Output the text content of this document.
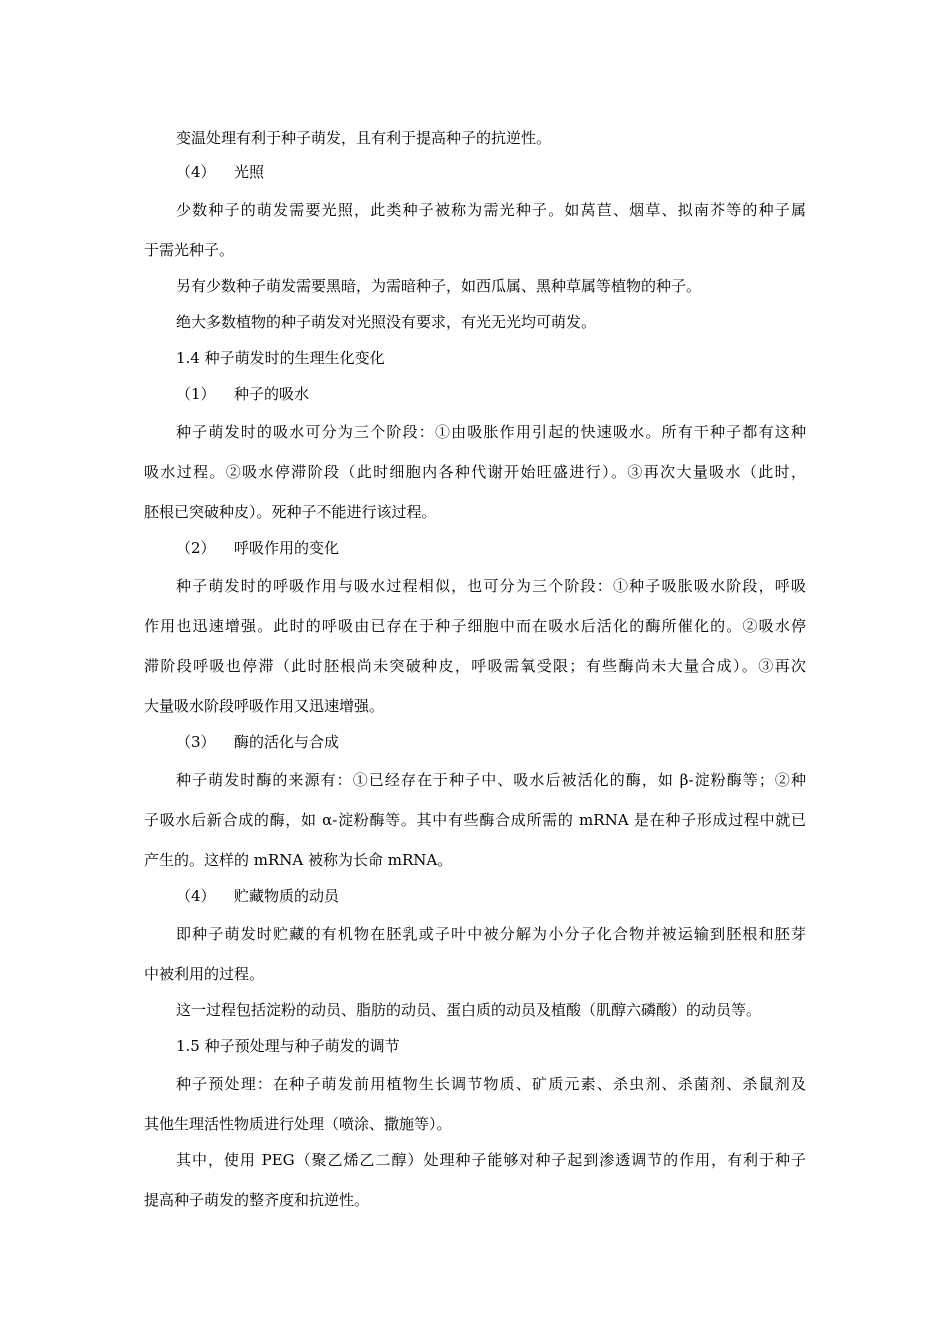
变温处理有利于种子萌发，且有利于提高种子的抗逆性。
（4） 光照
少数种子的萌发需要光照，此类种子被称为需光种子。如莴苣、烟草、拟南芥等的种子属
于需光种子。
另有少数种子萌发需要黑暗，为需暗种子，如西瓜属、黑种草属等植物的种子。
绝大多数植物的种子萌发对光照没有要求，有光无光均可萌发。
1.4 种子萌发时的生理生化变化
（1） 种子的吸水
种子萌发时的吸水可分为三个阶段：①由吸胀作用引起的快速吸水。所有干种子都有这种
吸水过程。②吸水停滞阶段（此时细胞内各种代谢开始旺盛进行）。③再次大量吸水（此时，
胚根已突破种皮）。死种子不能进行该过程。
（2） 呼吸作用的变化
种子萌发时的呼吸作用与吸水过程相似，也可分为三个阶段：①种子吸胀吸水阶段，呼吸
作用也迅速增强。此时的呼吸由已存在于种子细胞中而在吸水后活化的酶所催化的。②吸水停
滞阶段呼吸也停滞（此时胚根尚未突破种皮，呼吸需氧受限；有些酶尚未大量合成）。③再次
大量吸水阶段呼吸作用又迅速增强。
（3） 酶的活化与合成
种子萌发时酶的来源有：①已经存在于种子中、吸水后被活化的酶，如 β-淀粉酶等；②种
子吸水后新合成的酶，如 α-淀粉酶等。其中有些酶合成所需的 mRNA 是在种子形成过程中就已
产生的。这样的 mRNA 被称为长命 mRNA。
（4） 贮藏物质的动员
即种子萌发时贮藏的有机物在胚乳或子叶中被分解为小分子化合物并被运输到胚根和胚芽
中被利用的过程。
这一过程包括淀粉的动员、脂肪的动员、蛋白质的动员及植酸（肌醇六磷酸）的动员等。
1.5 种子预处理与种子萌发的调节
种子预处理：在种子萌发前用植物生长调节物质、矿质元素、杀虫剂、杀菌剂、杀鼠剂及
其他生理活性物质进行处理（喷涂、撒施等）。
其中，使用 PEG（聚乙烯乙二醇）处理种子能够对种子起到渗透调节的作用，有利于种子
提高种子萌发的整齐度和抗逆性。
